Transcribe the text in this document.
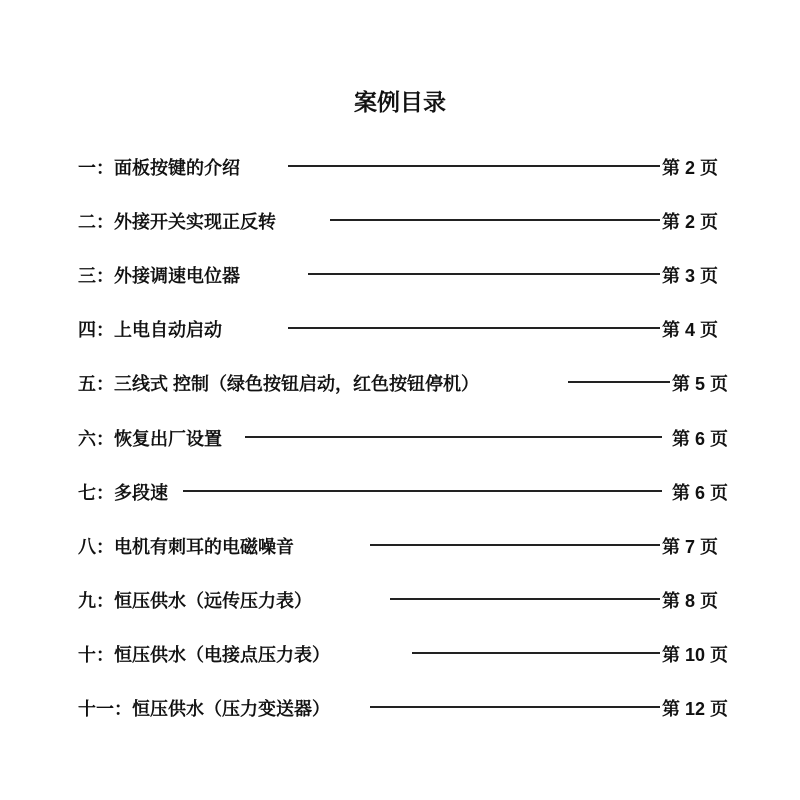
案例目录
一：面板按键的介绍	第 2 页
二：外接开关实现正反转	第 2 页
三：外接调速电位器	第 3 页
四：上电自动启动	第 4 页
五：三线式 控制（绿色按钮启动，红色按钮停机）	第 5 页
六：恢复出厂设置	第 6 页
七：多段速	第 6 页
八：电机有刺耳的电磁噪音	第 7 页
九：恒压供水（远传压力表）	第 8 页
十：恒压供水（电接点压力表）	第 10 页
十一：恒压供水（压力变送器）	第 12 页
